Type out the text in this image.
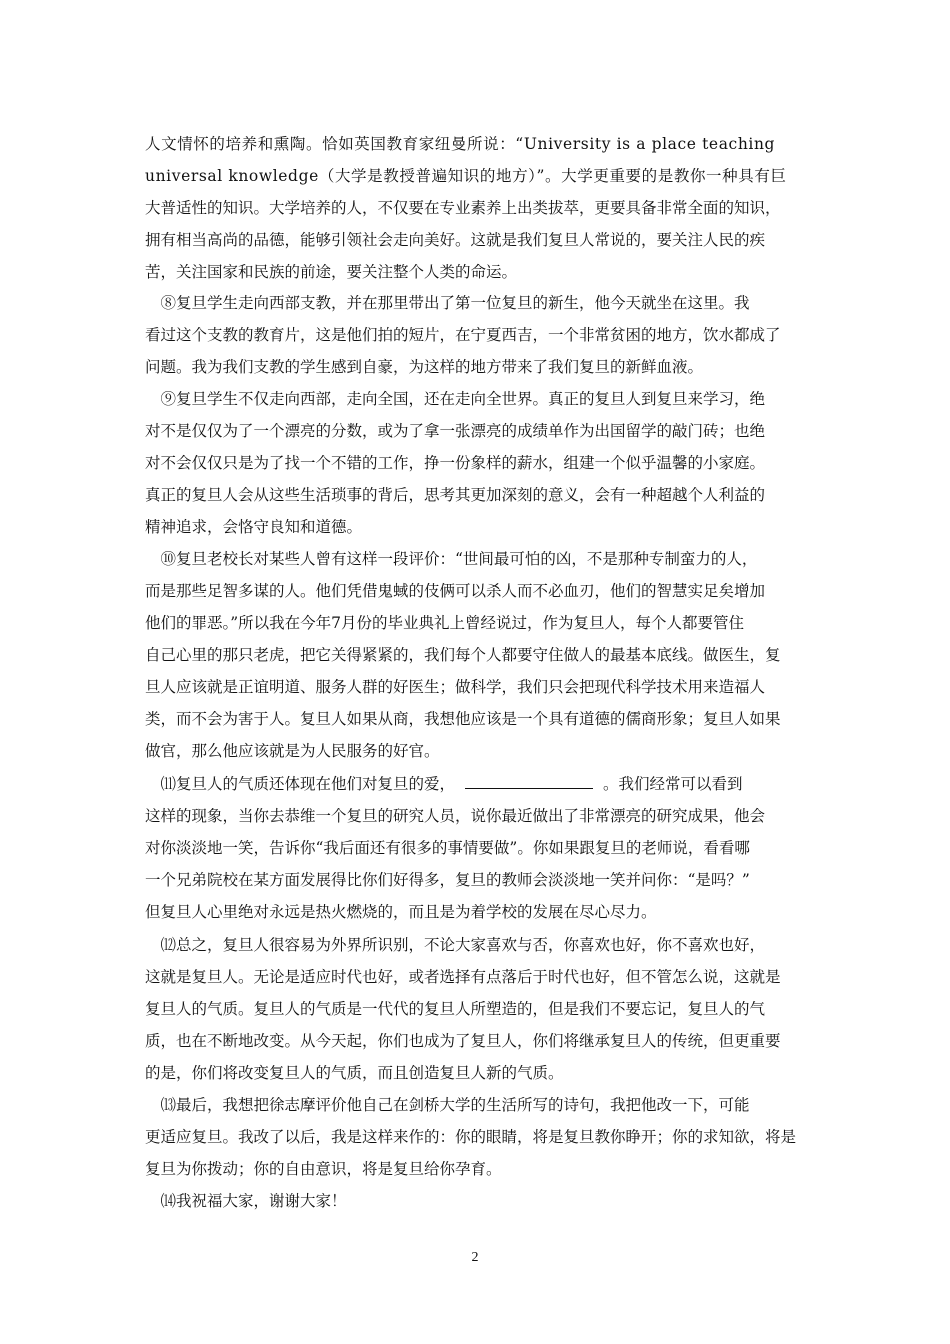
人文情怀的培养和熏陶。恰如英国教育家纽曼所说：“University is a place teaching
universal knowledge（大学是教授普遍知识的地方）”。大学更重要的是教你一种具有巨
大普适性的知识。大学培养的人，不仅要在专业素养上出类拔萃，更要具备非常全面的知识，
拥有相当高尚的品德，能够引领社会走向美好。这就是我们复旦人常说的，要关注人民的疾
苦，关注国家和民族的前途，要关注整个人类的命运。
　⑧复旦学生走向西部支教，并在那里带出了第一位复旦的新生，他今天就坐在这里。我
看过这个支教的教育片，这是他们拍的短片，在宁夏西吉，一个非常贫困的地方，饮水都成了
问题。我为我们支教的学生感到自豪，为这样的地方带来了我们复旦的新鲜血液。
　⑨复旦学生不仅走向西部，走向全国，还在走向全世界。真正的复旦人到复旦来学习，绝
对不是仅仅为了一个漂亮的分数，或为了拿一张漂亮的成绩单作为出国留学的敲门砖；也绝
对不会仅仅只是为了找一个不错的工作，挣一份象样的薪水，组建一个似乎温馨的小家庭。
真正的复旦人会从这些生活琐事的背后，思考其更加深刻的意义，会有一种超越个人利益的
精神追求，会恪守良知和道德。
　⑩复旦老校长对某些人曾有这样一段评价：“世间最可怕的凶，不是那种专制蛮力的人，
而是那些足智多谋的人。他们凭借鬼蜮的伎俩可以杀人而不必血刃，他们的智慧实足矣增加
他们的罪恶。”所以我在今年7月份的毕业典礼上曾经说过，作为复旦人，每个人都要管住
自己心里的那只老虎，把它关得紧紧的，我们每个人都要守住做人的最基本底线。做医生，复
旦人应该就是正谊明道、服务人群的好医生；做科学，我们只会把现代科学技术用来造福人
类，而不会为害于人。复旦人如果从商，我想他应该是一个具有道德的儒商形象；复旦人如果
做官，那么他应该就是为人民服务的好官。
　⑾复旦人的气质还体现在他们对复旦的爱，	。我们经常可以看到
这样的现象，当你去恭维一个复旦的研究人员，说你最近做出了非常漂亮的研究成果，他会
对你淡淡地一笑，告诉你“我后面还有很多的事情要做”。你如果跟复旦的老师说，看看哪
一个兄弟院校在某方面发展得比你们好得多，复旦的教师会淡淡地一笑并问你：“是吗？”
但复旦人心里绝对永远是热火燃烧的，而且是为着学校的发展在尽心尽力。
　⑿总之，复旦人很容易为外界所识别，不论大家喜欢与否，你喜欢也好，你不喜欢也好，
这就是复旦人。无论是适应时代也好，或者选择有点落后于时代也好，但不管怎么说，这就是
复旦人的气质。复旦人的气质是一代代的复旦人所塑造的，但是我们不要忘记，复旦人的气
质，也在不断地改变。从今天起，你们也成为了复旦人，你们将继承复旦人的传统，但更重要
的是，你们将改变复旦人的气质，而且创造复旦人新的气质。
　⒀最后，我想把徐志摩评价他自己在剑桥大学的生活所写的诗句，我把他改一下，可能
更适应复旦。我改了以后，我是这样来作的：你的眼睛，将是复旦教你睁开；你的求知欲，将是
复旦为你拨动；你的自由意识，将是复旦给你孕育。
　⒁我祝福大家，谢谢大家！
2
